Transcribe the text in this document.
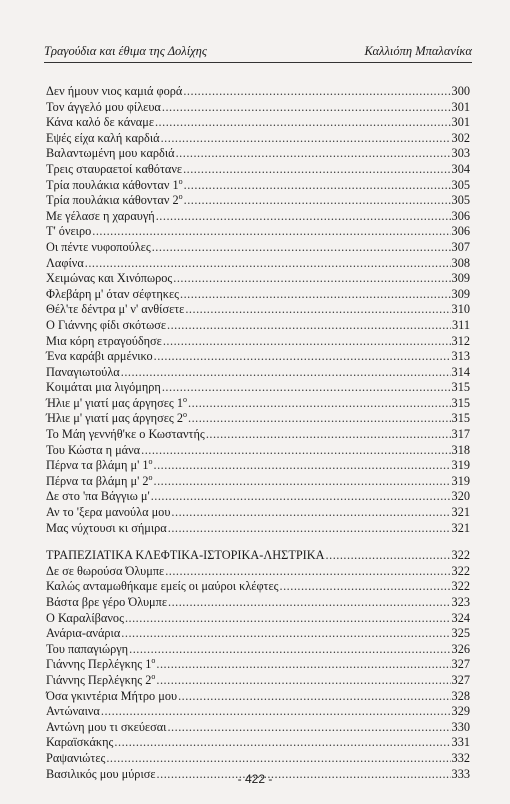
Τραγούδια και έθιμα της Δολίχης	Καλλιόπη Μπαλανίκα
Δεν ήμουν νιος καμιά φορά .....	300
Τον άγγελό μου φίλευα .....	301
Κάνα καλό δε κάναμε .....	301
Εψές είχα καλή καρδιά .....	302
Βαλαντωμένη μου καρδιά .....	303
Τρεις σταυραετοί καθότανε .....	304
Τρία πουλάκια κάθονταν $1^o$ .....	305
Τρία πουλάκια κάθονταν $2^o$ .....	305
Με γέλασε η χαραυγή .....	306
Τ' όνειρο .....	306
Οι πέντε νυφοπούλες .....	307
Λαφίνα .....	308
Χειμώνας και Χινόπωρος .....	309
Φλεβάρη μ' όταν σέφτηκες .....	309
Θέλ'τε δέντρα μ' ν' ανθίσετε .....	310
Ο Γιάννης φίδι σκότωσε .....	311
Μια κόρη ετραγούδησε .....	312
Ένα καράβι αρμένικο .....	313
Παναγιωτούλα .....	314
Κοιμάται μια λιγόμηρη .....	315
Ήλιε μ' γιατί μας άργησες $1^o$ .....	315
Ήλιε μ' γιατί μας άργησες $2^o$ .....	315
Το Μάη γεννήθ'κε ο Κωσταντής .....	317
Του Κώστα η μάνα .....	318
Πέρνα τα βλάμη μ' $1^o$ .....	319
Πέρνα τα βλάμη μ' $2^o$ .....	319
Δε στο 'πα Βάγγιω μ' .....	320
Αν το 'ξερα μανούλα μου .....	321
Μας νύχτουσι κι σήμιρα .....	321
ΤΡΑΠΕΖΙΑΤΙΚΑ ΚΛΕΦΤΙΚΑ-ΙΣΤΟΡΙΚΑ-ΛΗΣΤΡΙΚΑ .....	322
Δε σε θωρούσα Όλυμπε .....	322
Καλώς ανταμωθήκαμε εμείς οι μαύροι κλέφτες .....	322
Βάστα βρε γέρο Όλυμπε .....	323
Ο Καραλίβανος .....	324
Ανάρια-ανάρια .....	325
Του παπαγιώργη .....	326
Γιάννης Περλέγκης $1^o$ .....	327
Γιάννης Περλέγκης $2^o$ .....	327
Όσα γκιντέρια Μήτρο μου .....	328
Αντώναινα .....	329
Αντώνη μου τι σκεύεσαι .....	330
Καραϊσκάκης .....	331
Ραψανιώτες .....	332
Βασιλικός μου μύρισε .....	333
- 422 -
